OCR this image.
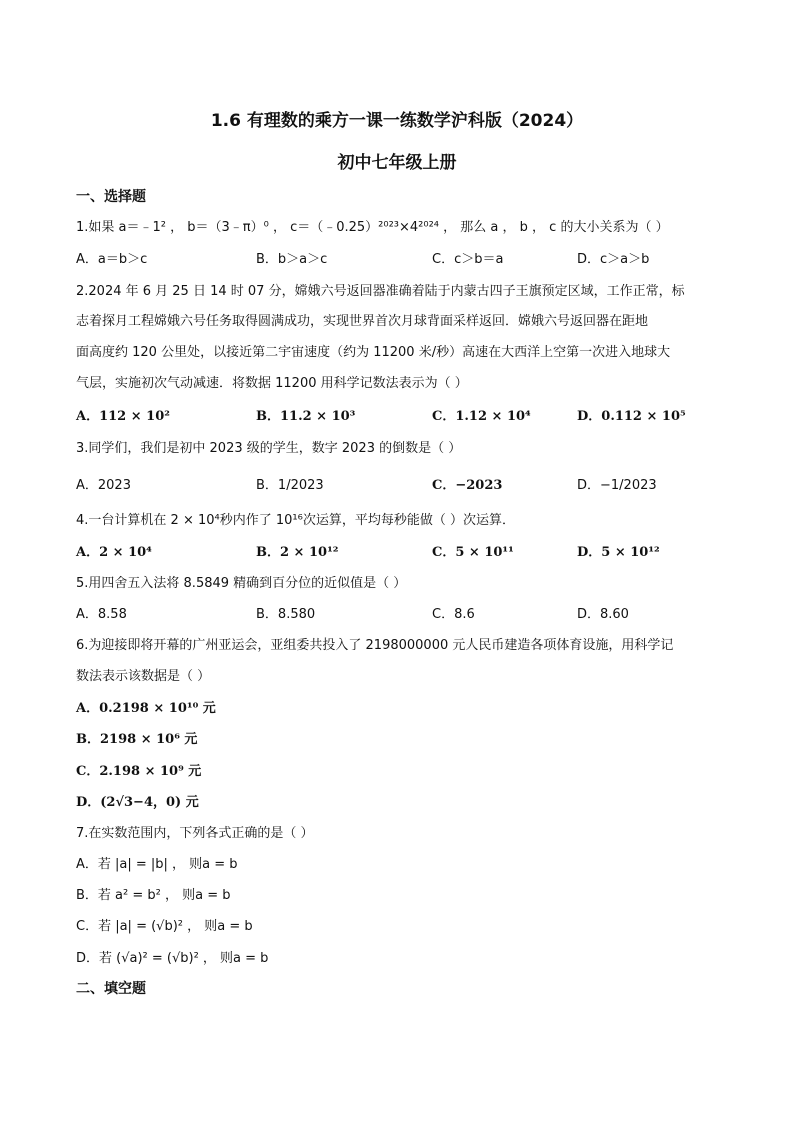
1.6 有理数的乘方一课一练数学沪科版（2024）
初中七年级上册
一、选择题
1.如果 a＝﹣1² ， b＝（3﹣π）⁰ ， c＝（﹣0.25）²⁰²³×4²⁰²⁴ ， 那么 a ， b ， c 的大小关系为（ ）
A．a＝b＞c	B．b＞a＞c	C．c＞b＝a	D．c＞a＞b
2.2024 年 6 月 25 日 14 时 07 分，嫦娥六号返回器准确着陆于内蒙古四子王旗预定区域，工作正常，标
志着探月工程嫦娥六号任务取得圆满成功，实现世界首次月球背面采样返回．嫦娥六号返回器在距地
面高度约 120 公里处，以接近第二宇宙速度（约为 11200 米/秒）高速在大西洋上空第一次进入地球大
气层，实施初次气动减速．将数据 11200 用科学记数法表示为（ ）
A．112 × 10²	B．11.2 × 10³	C．1.12 × 10⁴	D．0.112 × 10⁵
3.同学们，我们是初中 2023 级的学生，数字 2023 的倒数是（ ）
A．2023	B．1/2023	C．−2023	D．−1/2023
4.一台计算机在 2 × 10⁴秒内作了 10¹⁶次运算，平均每秒能做（ ）次运算．
A．2 × 10⁴	B．2 × 10¹²	C．5 × 10¹¹	D．5 × 10¹²
5.用四舍五入法将 8.5849 精确到百分位的近似值是（ ）
A．8.58	B．8.580	C．8.6	D．8.60
6.为迎接即将开幕的广州亚运会，亚组委共投入了 2198000000 元人民币建造各项体育设施，用科学记
数法表示该数据是（ ）
A．0.2198 × 10¹⁰ 元
B．2198 × 10⁶ 元
C．2.198 × 10⁹ 元
D．(2√3−4，0) 元
7.在实数范围内，下列各式正确的是（ ）
A．若 |a| = |b| ， 则a = b
B．若 a² = b² ， 则a = b
C．若 |a| = (√b)² ， 则a = b
D．若 (√a)² = (√b)² ， 则a = b
二、填空题
